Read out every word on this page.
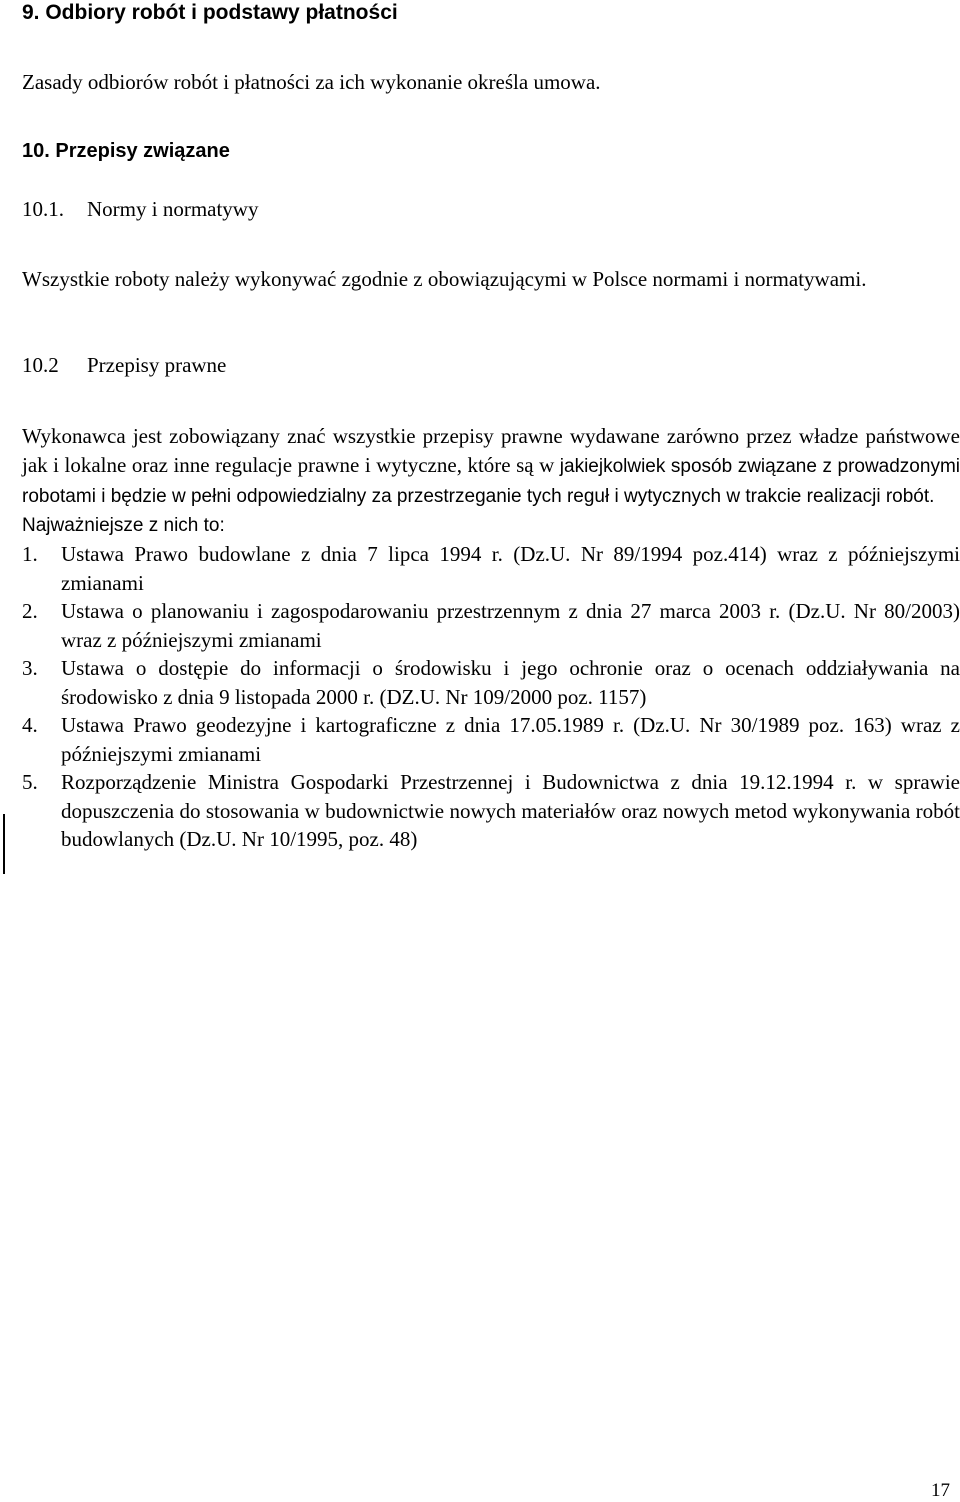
9. Odbiory robót i podstawy płatności

Zasady odbiorów robót i płatności za ich wykonanie określa umowa.

10. Przepisy związane

10.1. Normy i normatywy

Wszystkie roboty należy wykonywać zgodnie z obowiązującymi w Polsce normami i normatywami.

10.2 Przepisy prawne

Wykonawca jest zobowiązany znać wszystkie przepisy prawne wydawane zarówno przez władze państwowe jak i lokalne oraz inne regulacje prawne i wytyczne, które są w jakiejkolwiek sposób związane z prowadzonymi robotami i będzie w pełni odpowiedzialny za przestrzeganie tych reguł i wytycznych w trakcie realizacji robót.

Najważniejsze z nich to:

1. Ustawa Prawo budowlane z dnia 7 lipca 1994 r. (Dz.U. Nr 89/1994 poz.414) wraz z późniejszymi zmianami
2. Ustawa o planowaniu i zagospodarowaniu przestrzennym z dnia 27 marca 2003 r. (Dz.U. Nr 80/2003) wraz z późniejszymi zmianami
3. Ustawa o dostępie do informacji o środowisku i jego ochronie oraz o ocenach oddziaływania na środowisko z dnia 9 listopada 2000 r. (DZ.U. Nr 109/2000 poz. 1157)
4. Ustawa Prawo geodezyjne i kartograficzne z dnia 17.05.1989 r. (Dz.U. Nr 30/1989 poz. 163) wraz z późniejszymi zmianami
5. Rozporządzenie Ministra Gospodarki Przestrzennej i Budownictwa z dnia 19.12.1994 r. w sprawie dopuszczenia do stosowania w budownictwie nowych materiałów oraz nowych metod wykonywania robót budowlanych (Dz.U. Nr 10/1995, poz. 48)

17
